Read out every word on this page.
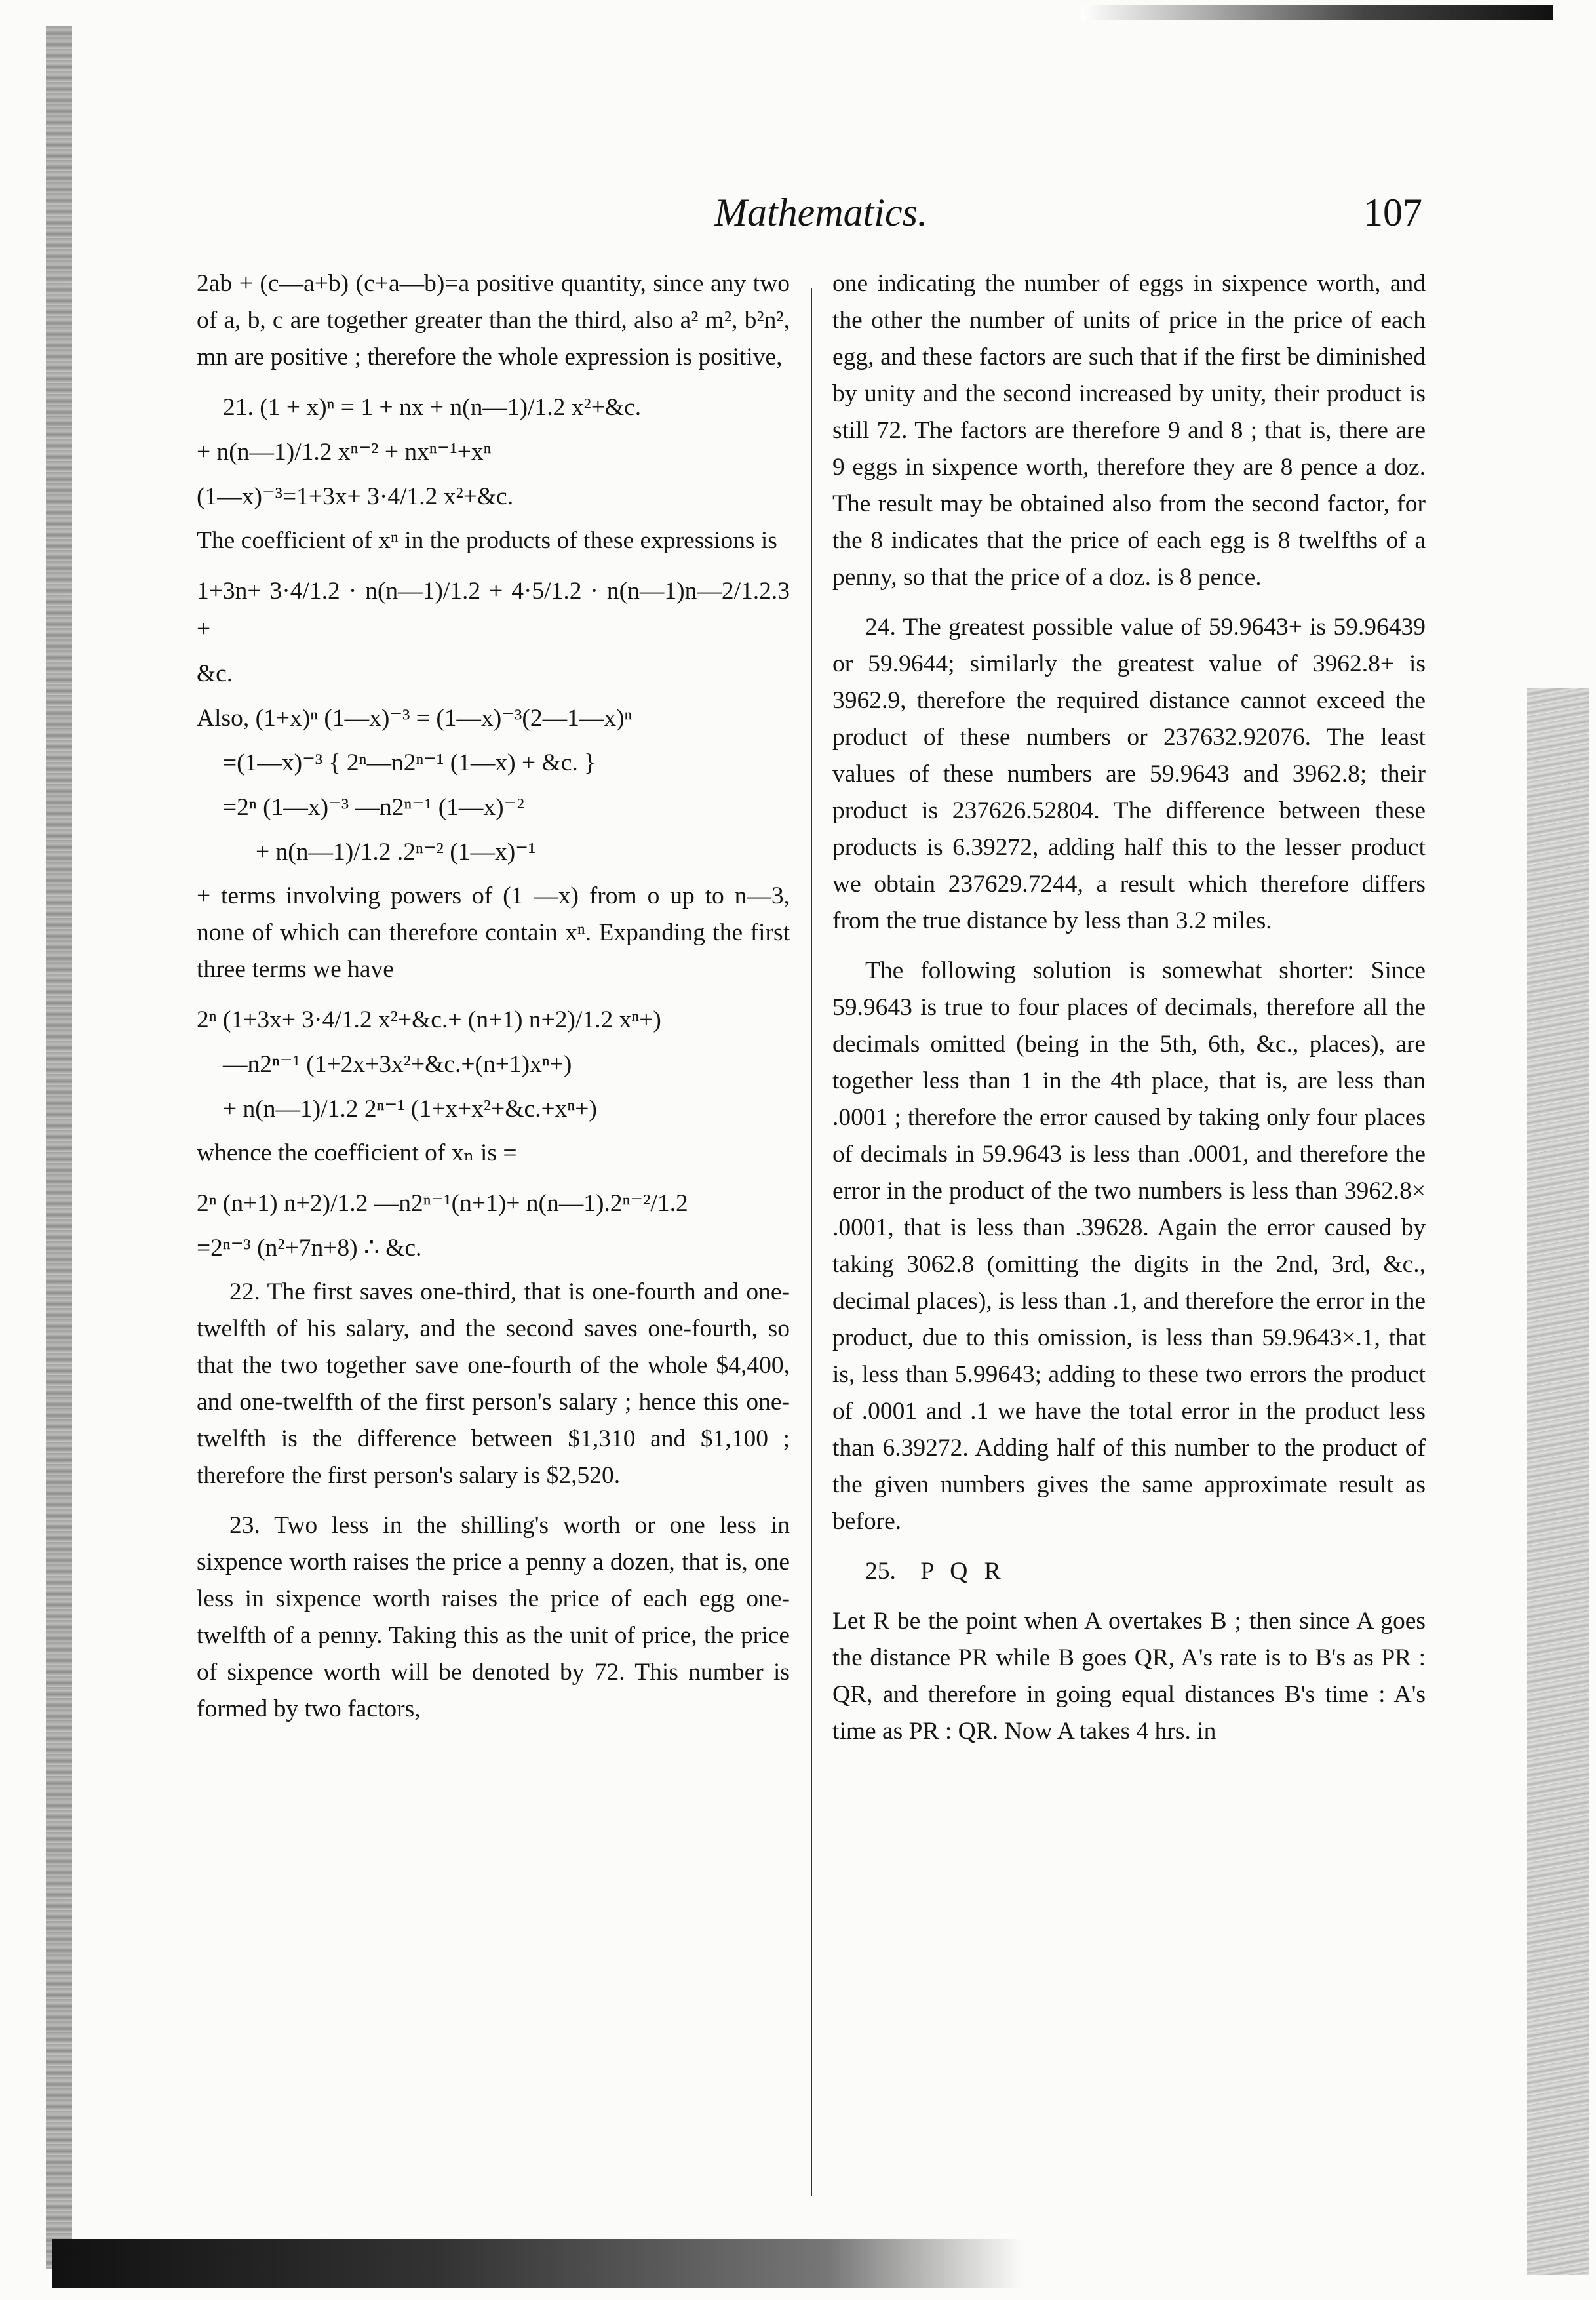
Mathematics.	107

2ab + (c—a+b) (c+a—b)=a positive quantity, since any two of a, b, c are together greater than the third, also a² m², b²n², mn are positive ; therefore the whole expression is positive,

21. (1 + x)ⁿ = 1 + nx + n(n—1)/1.2 x²+&c.
+ n(n—1)/1.2 xⁿ⁻² + nxⁿ⁻¹+xⁿ
(1—x)⁻³=1+3x+ 3·4/1.2 x²+&c.

The coefficient of xⁿ in the products of these expressions is

1+3n+ 3·4/1.2 · n(n—1)/1.2 + 4·5/1.2 · n(n—1)n—2/1.2.3 +
&c.
Also, (1+x)ⁿ (1—x)⁻³ = (1—x)⁻³(2—1—x)ⁿ
=(1—x)⁻³ { 2ⁿ—n2ⁿ⁻¹ (1—x) + &c. }
=2ⁿ (1—x)⁻³ —n2ⁿ⁻¹ (1—x)⁻²
+ n(n—1)/1.2 .2ⁿ⁻² (1—x)⁻¹

+ terms involving powers of (1 —x) from o up to n—3, none of which can therefore contain xⁿ. Expanding the first three terms we have

2ⁿ (1+3x+ 3·4/1.2 x²+&c.+ (n+1) n+2)/1.2 xⁿ+)
—n2ⁿ⁻¹ (1+2x+3x²+&c.+(n+1)xⁿ+)
+ n(n—1)/1.2 2ⁿ⁻¹ (1+x+x²+&c.+xⁿ+)

whence the coefficient of xₙ is =

2ⁿ (n+1) n+2)/1.2 —n2ⁿ⁻¹(n+1)+ n(n—1).2ⁿ⁻²/1.2
=2ⁿ⁻³ (n²+7n+8) ∴ &c.

22. The first saves one-third, that is one-fourth and one-twelfth of his salary, and the second saves one-fourth, so that the two together save one-fourth of the whole $4,400, and one-twelfth of the first person's salary ; hence this one-twelfth is the difference between $1,310 and $1,100 ; therefore the first person's salary is $2,520.

23. Two less in the shilling's worth or one less in sixpence worth raises the price a penny a dozen, that is, one less in sixpence worth raises the price of each egg one-twelfth of a penny. Taking this as the unit of price, the price of sixpence worth will be denoted by 72. This number is formed by two factors,

one indicating the number of eggs in sixpence worth, and the other the number of units of price in the price of each egg, and these factors are such that if the first be diminished by unity and the second increased by unity, their product is still 72. The factors are therefore 9 and 8 ; that is, there are 9 eggs in sixpence worth, therefore they are 8 pence a doz. The result may be obtained also from the second factor, for the 8 indicates that the price of each egg is 8 twelfths of a penny, so that the price of a doz. is 8 pence.

24. The greatest possible value of 59.9643+ is 59.96439 or 59.9644; similarly the greatest value of 3962.8+ is 3962.9, therefore the required distance cannot exceed the product of these numbers or 237632.92076. The least values of these numbers are 59.9643 and 3962.8; their product is 237626.52804. The difference between these products is 6.39272, adding half this to the lesser product we obtain 237629.7244, a result which therefore differs from the true distance by less than 3.2 miles.

The following solution is somewhat shorter: Since 59.9643 is true to four places of decimals, therefore all the decimals omitted (being in the 5th, 6th, &c., places), are together less than 1 in the 4th place, that is, are less than .0001 ; therefore the error caused by taking only four places of decimals in 59.9643 is less than .0001, and therefore the error in the product of the two numbers is less than 3962.8× .0001, that is less than .39628. Again the error caused by taking 3062.8 (omitting the digits in the 2nd, 3rd, &c., decimal places), is less than .1, and therefore the error in the product, due to this omission, is less than 59.9643×.1, that is, less than 5.99643; adding to these two errors the product of .0001 and .1 we have the total error in the product less than 6.39272. Adding half of this number to the product of the given numbers gives the same approximate result as before.

25. P Q R

Let R be the point when A overtakes B ; then since A goes the distance PR while B goes QR, A's rate is to B's as PR : QR, and therefore in going equal distances B's time : A's time as PR : QR. Now A takes 4 hrs. in
